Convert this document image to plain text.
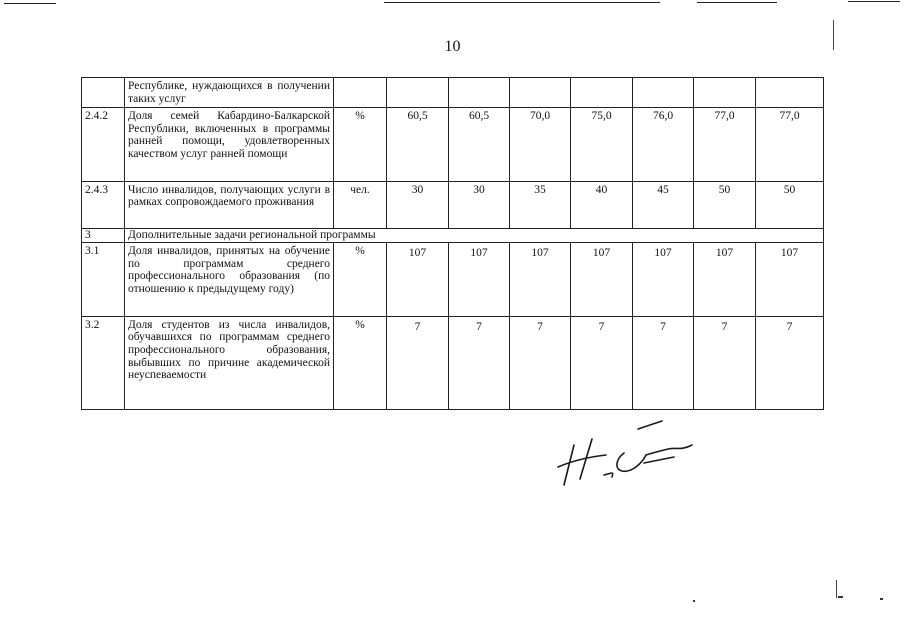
10
	Республике, нуждающихся в получении таких услуг								
2.4.2	Доля семей Кабардино-Балкарской Республики, включенных в программы ранней помощи, удовлетворенных качеством услуг ранней помощи	%	60,5	60,5	70,0	75,0	76,0	77,0	77,0
2.4.3	Число инвалидов, получающих услуги в рамках сопровождаемого проживания	чел.	30	30	35	40	45	50	50
3	Дополнительные задачи региональной программы								
3.1	Доля инвалидов, принятых на обучение по программам среднего профессионального образования (по отношению к предыдущему году)	%	107	107	107	107	107	107	107
3.2	Доля студентов из числа инвалидов, обучавшихся по программам среднего профессионального образования, выбывших по причине академической неуспеваемости	%	7	7	7	7	7	7	7
